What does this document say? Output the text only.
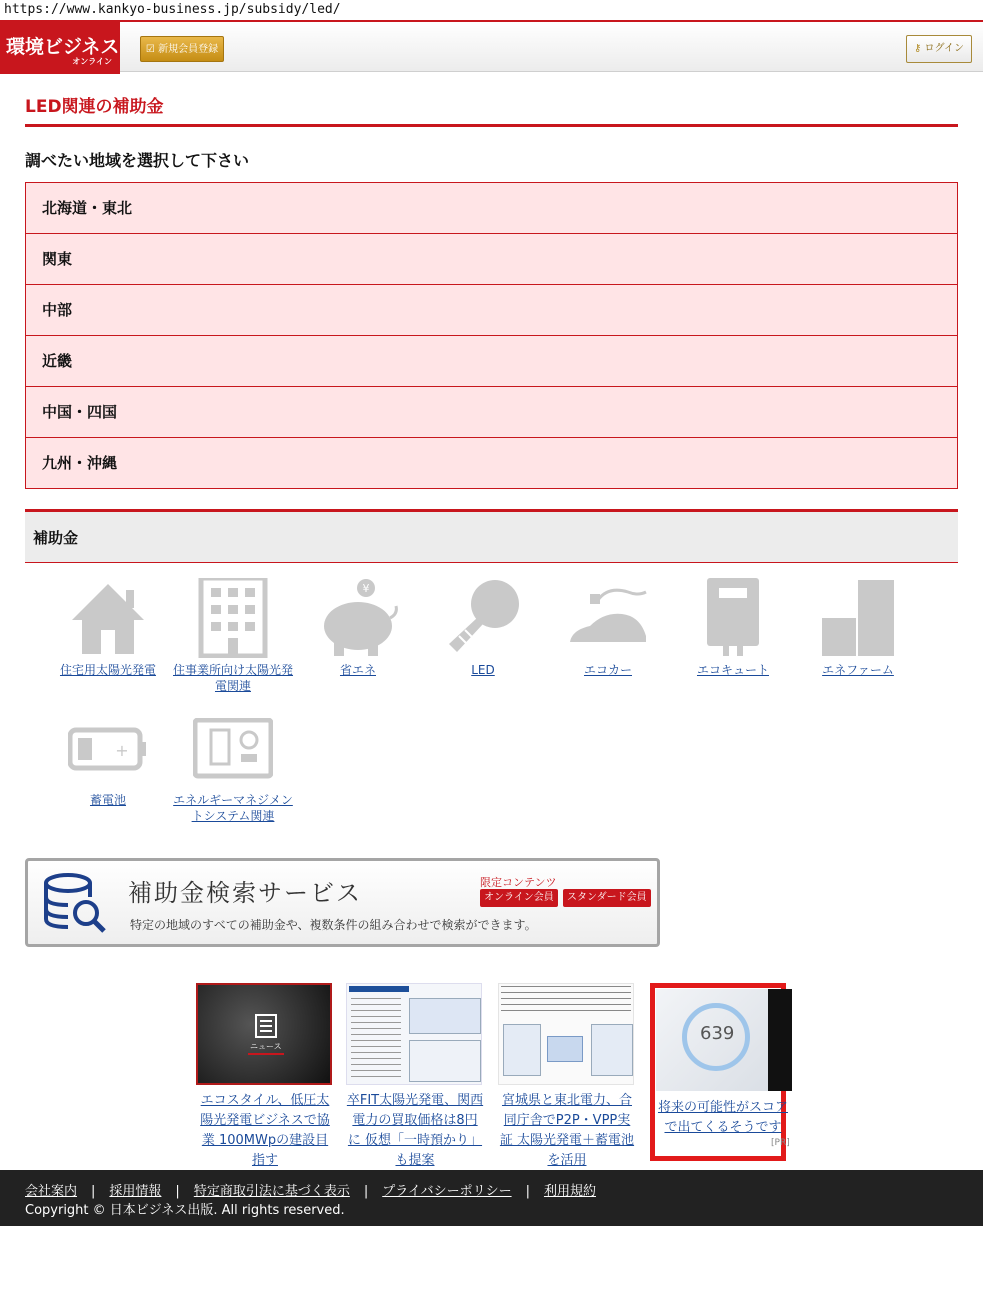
https://www.kankyo-business.jp/subsidy/led/
環境ビジネス
オンライン
☑ 新規会員登録	⚷ ログイン
LED関連の補助金
調べたい地域を選択して下さい
北海道・東北
関東
中部
近畿
中国・四国
九州・沖縄
補助金
住宅用太陽光発電	住事業所向け太陽光発電関連
¥
省エネ	LED	エコカー	エコキュート	エネファーム
+
蓄電池	エネルギーマネジメントシステム関連
補助金検索サービス
特定の地域のすべての補助金や、複数条件の組み合わせで検索ができます。
限定コンテンツ
オンライン会員	スタンダード会員
ニュース
エコスタイル、低圧太陽光発電ビジネスで協業 100MWpの建設目指す
卒FIT太陽光発電、関西電力の買取価格は8円に 仮想「一時預かり」も提案
宮城県と東北電力、合同庁舎でP2P・VPP実証 太陽光発電＋蓄電池を活用
639
将来の可能性がスコアで出てくるそうです
[PR]
会社案内 | 採用情報 | 特定商取引法に基づく表示 | プライバシーポリシー | 利用規約
Copyright © 日本ビジネス出版. All rights reserved.
